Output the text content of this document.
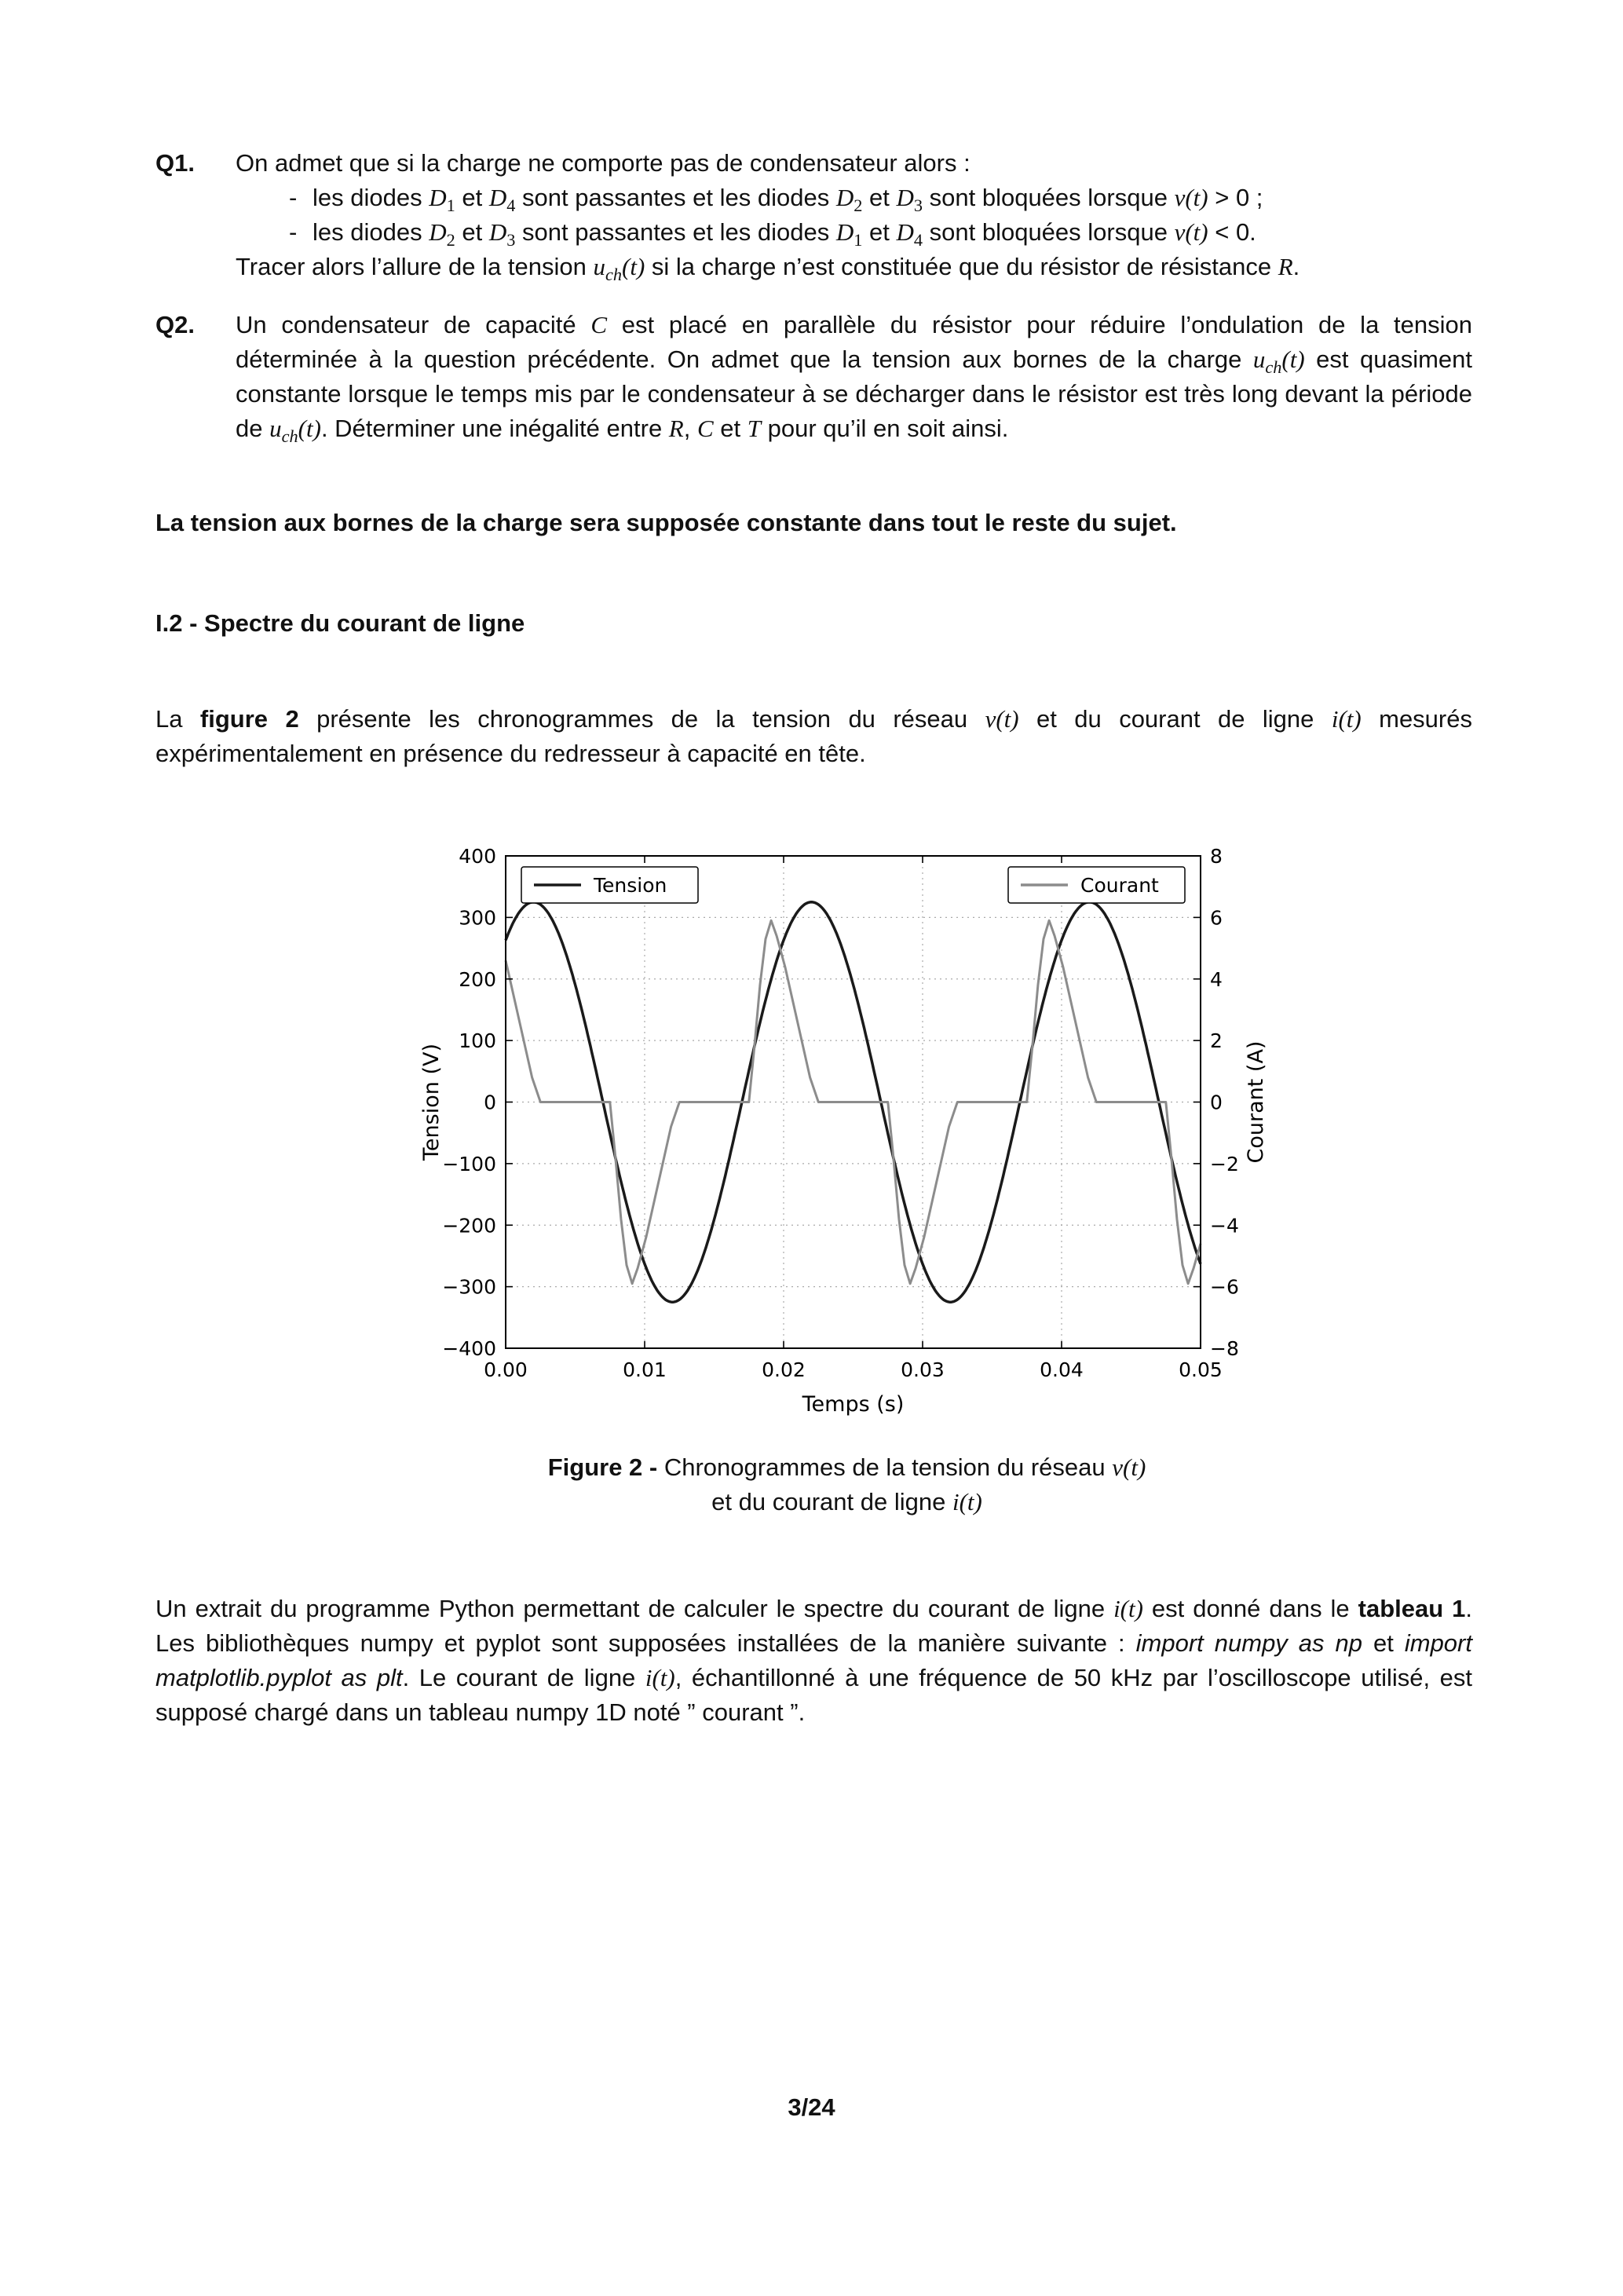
Q1. On admet que si la charge ne comporte pas de condensateur alors :

- les diodes $D_1$ et $D_4$ sont passantes et les diodes $D_2$ et $D_3$ sont bloquées lorsque v(t) > 0 ;
- les diodes $D_2$ et $D_3$ sont passantes et les diodes $D_1$ et $D_4$ sont bloquées lorsque v(t) < 0.

Tracer alors l’allure de la tension $u_{ch}(t)$ si la charge n’est constituée que du résistor de résistance R.

Q2. Un condensateur de capacité C est placé en parallèle du résistor pour réduire l’ondulation de la tension déterminée à la question précédente. On admet que la tension aux bornes de la charge $u_{ch}(t)$ est quasiment constante lorsque le temps mis par le condensateur à se décharger dans le résistor est très long devant la période de $u_{ch}(t)$. Déterminer une inégalité entre R, C et T pour qu’il en soit ainsi.

La tension aux bornes de la charge sera supposée constante dans tout le reste du sujet.

I.2 - Spectre du courant de ligne

La figure 2 présente les chronogrammes de la tension du réseau v(t) et du courant de ligne i(t) mesurés expérimentalement en présence du redresseur à capacité en tête.

−400
−300
−200
−100
0
100
200
300
400
−8
−6
−4
−2
0
2
4
6
8
0.00	0.01	0.02	0.03	0.04	0.05
Temps (s)
Tension (V)	Courant (A)
Tension	Courant
Figure 2 - Chronogrammes de la tension du réseau v(t)
et du courant de ligne i(t)

Un extrait du programme Python permettant de calculer le spectre du courant de ligne i(t) est donné dans le tableau 1. Les bibliothèques numpy et pyplot sont supposées installées de la manière suivante : import numpy as np et import matplotlib.pyplot as plt. Le courant de ligne i(t), échantillonné à une fréquence de 50 kHz par l’oscilloscope utilisé, est supposé chargé dans un tableau numpy 1D noté ” courant ”.

3/24
